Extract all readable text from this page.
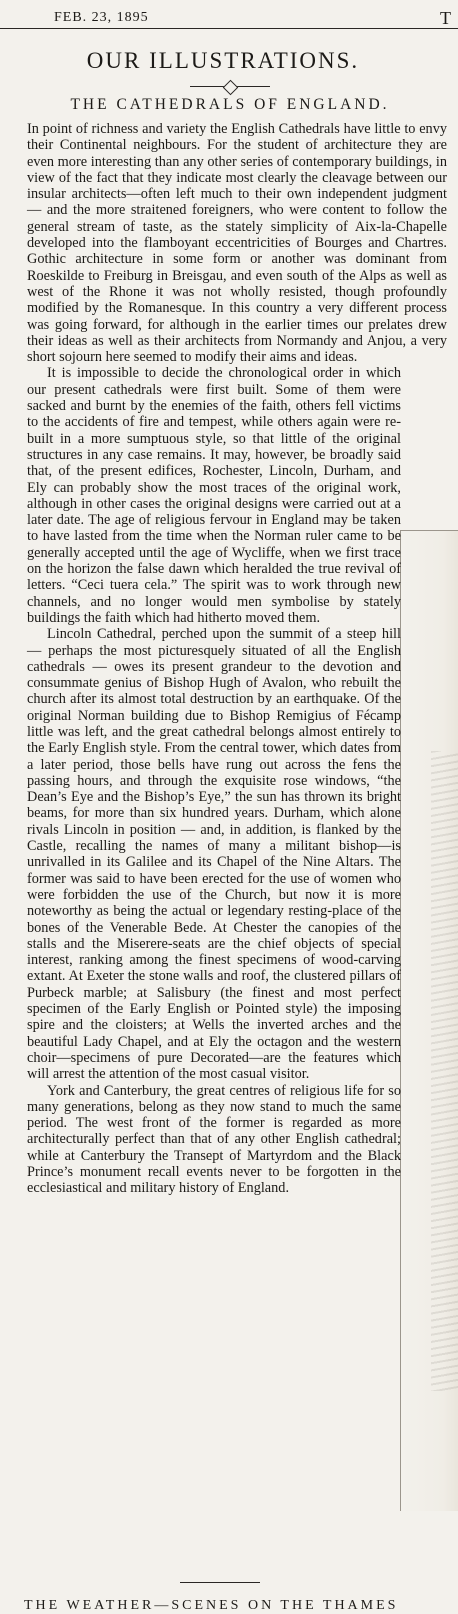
FEB. 23, 1895	T
OUR ILLUSTRATIONS.
THE CATHEDRALS OF ENGLAND.

In point of richness and variety the English Cathedrals have little to envy their Continental neighbours. For the student of architecture they are even more interesting than any other series of contemporary buildings, in view of the fact that they indicate most clearly the cleavage between our insular architects—often left much to their own independent judgment — and the more straitened foreigners, who were content to follow the general stream of taste, as the stately simplicity of Aix-la-Chapelle developed into the flamboyant eccentricities of Bourges and Chartres. Gothic architecture in some form or another was dominant from Roeskilde to Freiburg in Breisgau, and even south of the Alps as well as west of the Rhone it was not wholly resisted, though profoundly modified by the Romanesque. In this country a very different process was going forward, for although in the earlier times our prelates drew their ideas as well as their architects from Normandy and Anjou, a very short sojourn here seemed to modify their aims and ideas.

It is impossible to decide the chronological order in which our present cathedrals were first built. Some of them were sacked and burnt by the enemies of the faith, others fell victims to the accidents of fire and tempest, while others again were re-built in a more sumptuous style, so that little of the original structures in any case remains. It may, however, be broadly said that, of the present edifices, Rochester, Lincoln, Durham, and Ely can probably show the most traces of the original work, although in other cases the original designs were carried out at a later date. The age of religious fervour in England may be taken to have lasted from the time when the Norman ruler came to be generally accepted until the age of Wycliffe, when we first trace on the horizon the false dawn which heralded the true revival of letters. “Ceci tuera cela.” The spirit was to work through new channels, and no longer would men symbolise by stately buildings the faith which had hitherto moved them.

Lincoln Cathedral, perched upon the summit of a steep hill — perhaps the most picturesquely situated of all the English cathedrals — owes its present grandeur to the devotion and consummate genius of Bishop Hugh of Avalon, who rebuilt the church after its almost total destruction by an earthquake. Of the original Norman building due to Bishop Remigius of Fécamp little was left, and the great cathedral belongs almost entirely to the Early English style. From the central tower, which dates from a later period, those bells have rung out across the fens the passing hours, and through the exquisite rose windows, “the Dean’s Eye and the Bishop’s Eye,” the sun has thrown its bright beams, for more than six hundred years. Durham, which alone rivals Lincoln in position — and, in addition, is flanked by the Castle, recalling the names of many a militant bishop—is unrivalled in its Galilee and its Chapel of the Nine Altars. The former was said to have been erected for the use of women who were forbidden the use of the Church, but now it is more noteworthy as being the actual or legendary resting-place of the bones of the Venerable Bede. At Chester the canopies of the stalls and the Miserere-seats are the chief objects of special interest, ranking among the finest specimens of wood-carving extant. At Exeter the stone walls and roof, the clustered pillars of Purbeck marble; at Salisbury (the finest and most perfect specimen of the Early English or Pointed style) the imposing spire and the cloisters; at Wells the inverted arches and the beautiful Lady Chapel, and at Ely the octagon and the western choir—specimens of pure Decorated—are the features which will arrest the attention of the most casual visitor.

York and Canterbury, the great centres of religious life for so many generations, belong as they now stand to much the same period. The west front of the former is regarded as more architecturally perfect than that of any other English cathedral; while at Canterbury the Transept of Martyrdom and the Black Prince’s monument recall events never to be forgotten in the ecclesiastical and military history of England.

THE WEATHER—SCENES ON THE THAMES
